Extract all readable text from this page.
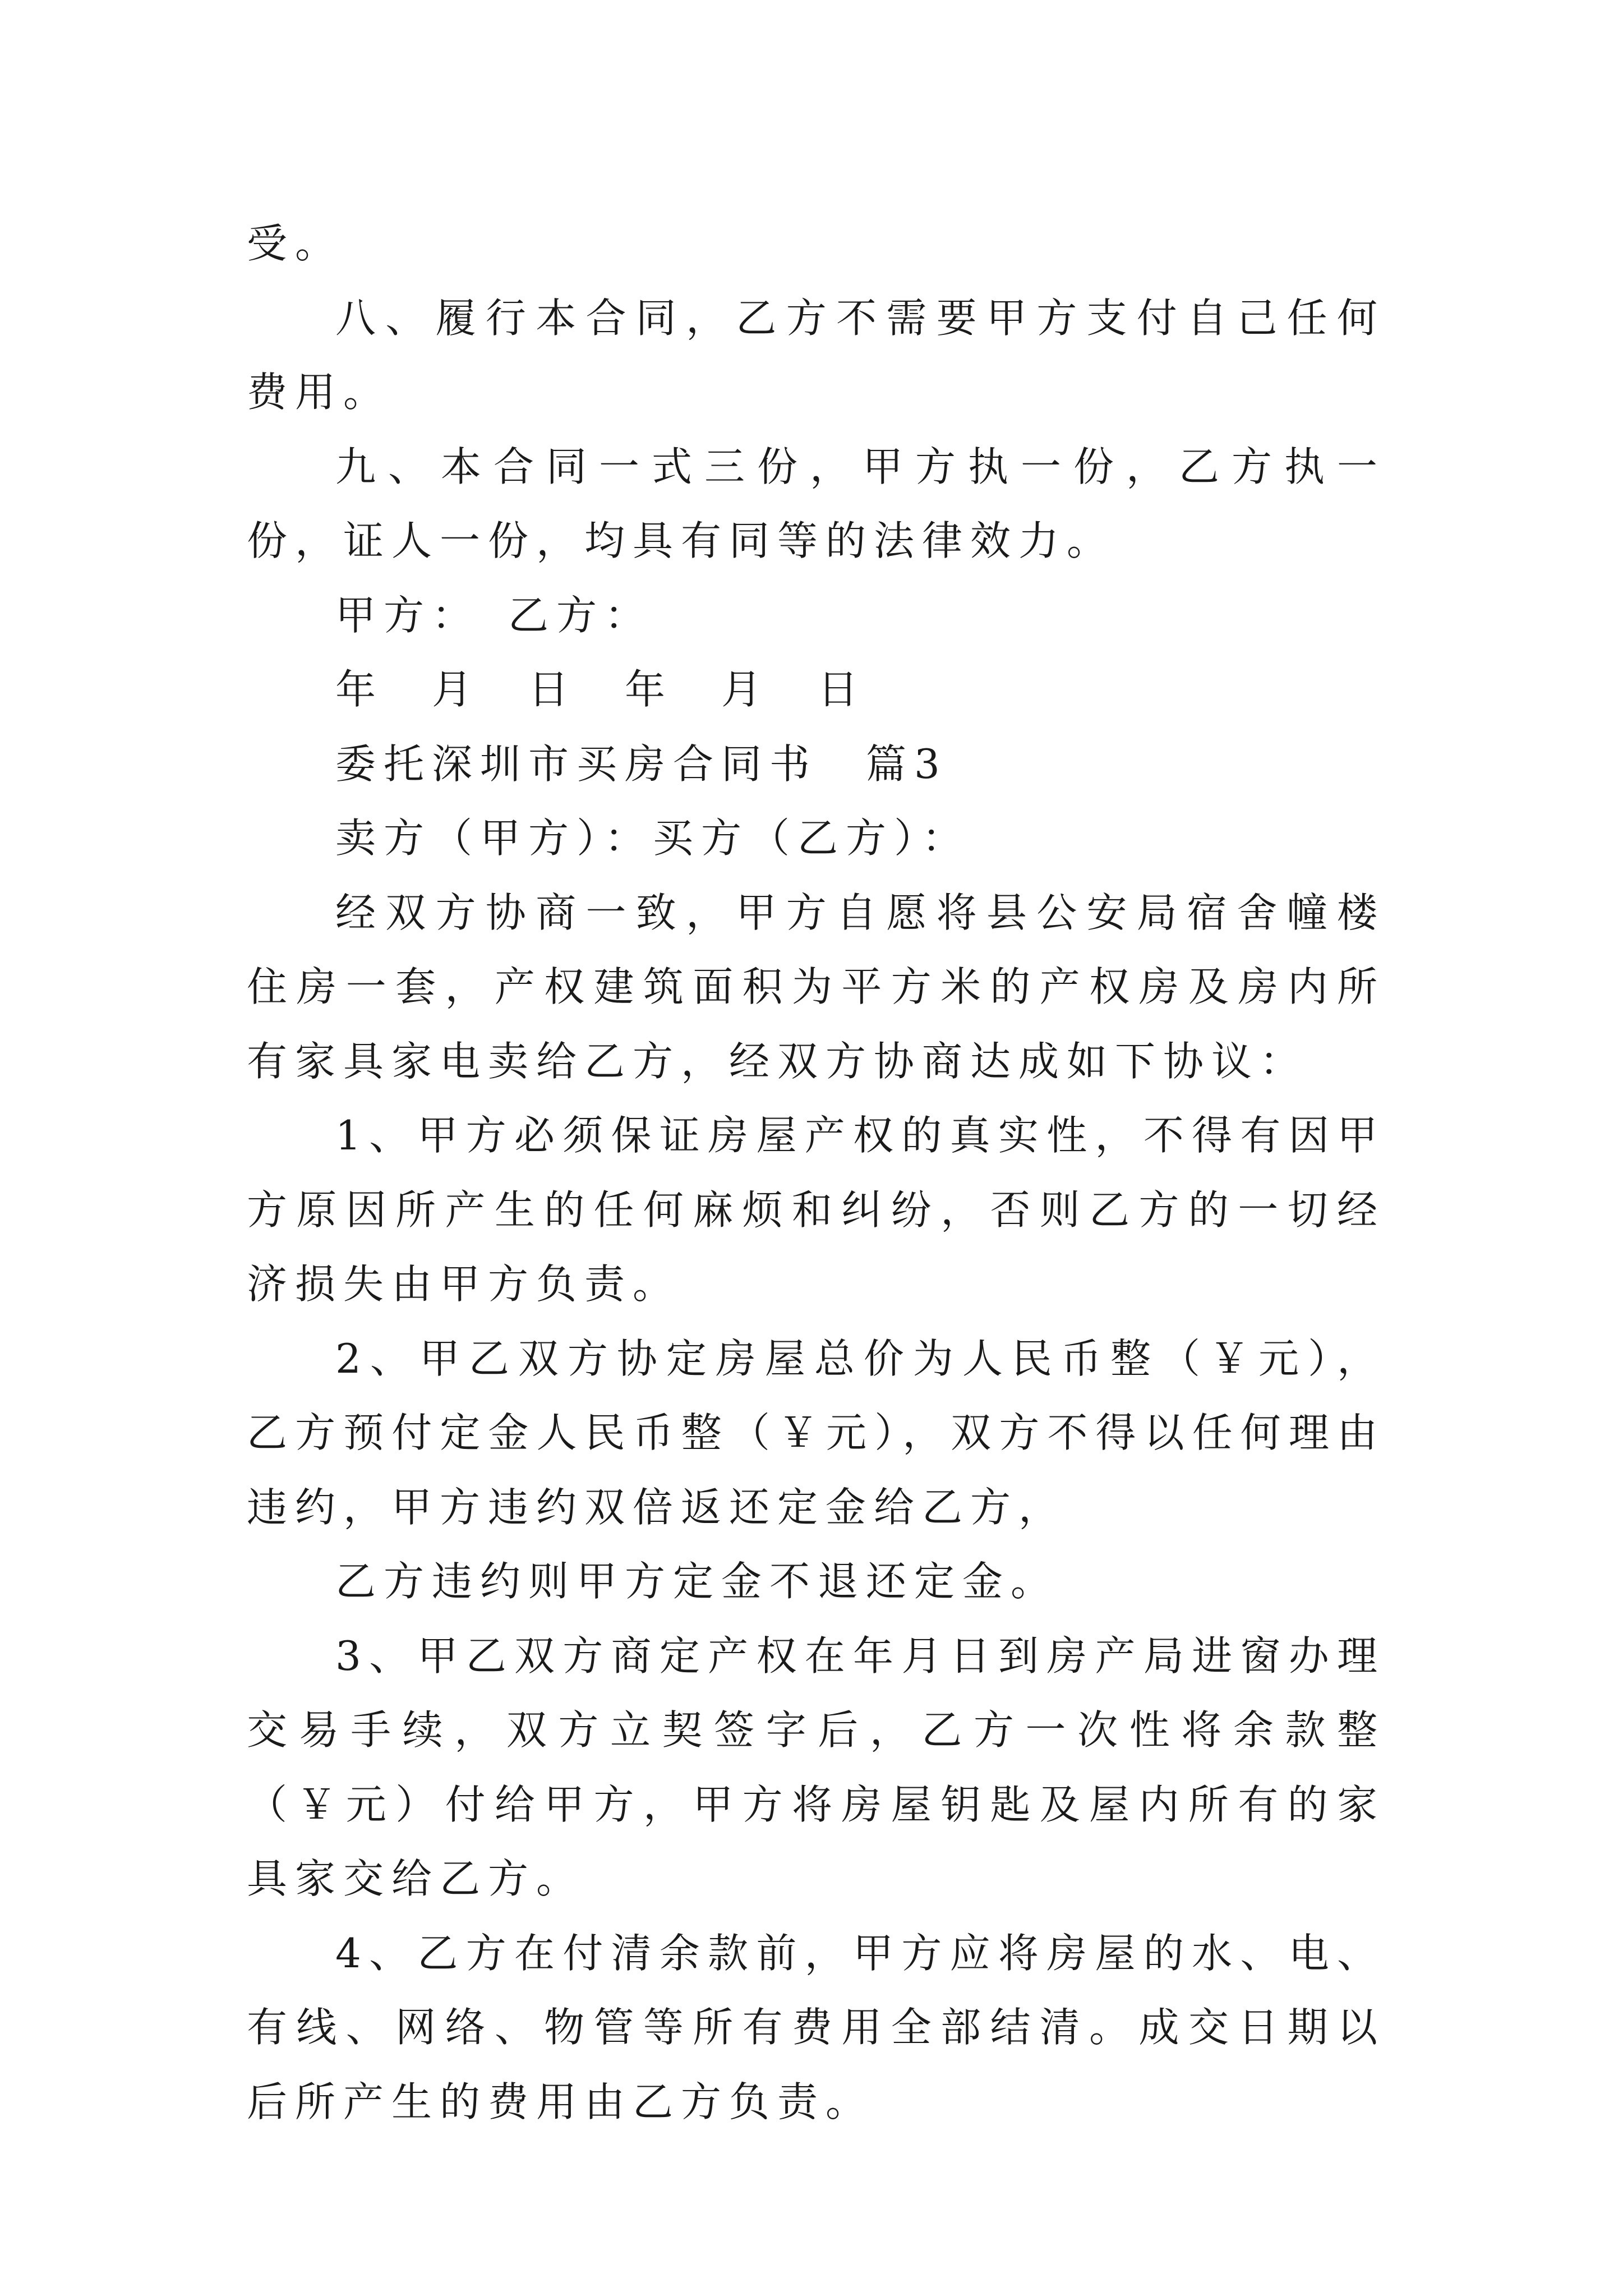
受。

八、履行本合同，乙方不需要甲方支付自己任何费用。

九、本合同一式三份，甲方执一份，乙方执一份，证人一份，均具有同等的法律效力。

甲方：　乙方：

年　月　日　年　月　日

委托深圳市买房合同书　篇3

卖方（甲方）：买方（乙方）：

经双方协商一致，甲方自愿将县公安局宿舍幢楼住房一套，产权建筑面积为平方米的产权房及房内所有家具家电卖给乙方，经双方协商达成如下协议：

1、甲方必须保证房屋产权的真实性，不得有因甲方原因所产生的任何麻烦和纠纷，否则乙方的一切经济损失由甲方负责。

2、甲乙双方协定房屋总价为人民币整（￥元），乙方预付定金人民币整（￥元），双方不得以任何理由违约，甲方违约双倍返还定金给乙方，

乙方违约则甲方定金不退还定金。

3、甲乙双方商定产权在年月日到房产局进窗办理交易手续，双方立契签字后，乙方一次性将余款整（￥元）付给甲方，甲方将房屋钥匙及屋内所有的家具家交给乙方。

4、乙方在付清余款前，甲方应将房屋的水、电、有线、网络、物管等所有费用全部结清。成交日期以后所产生的费用由乙方负责。
